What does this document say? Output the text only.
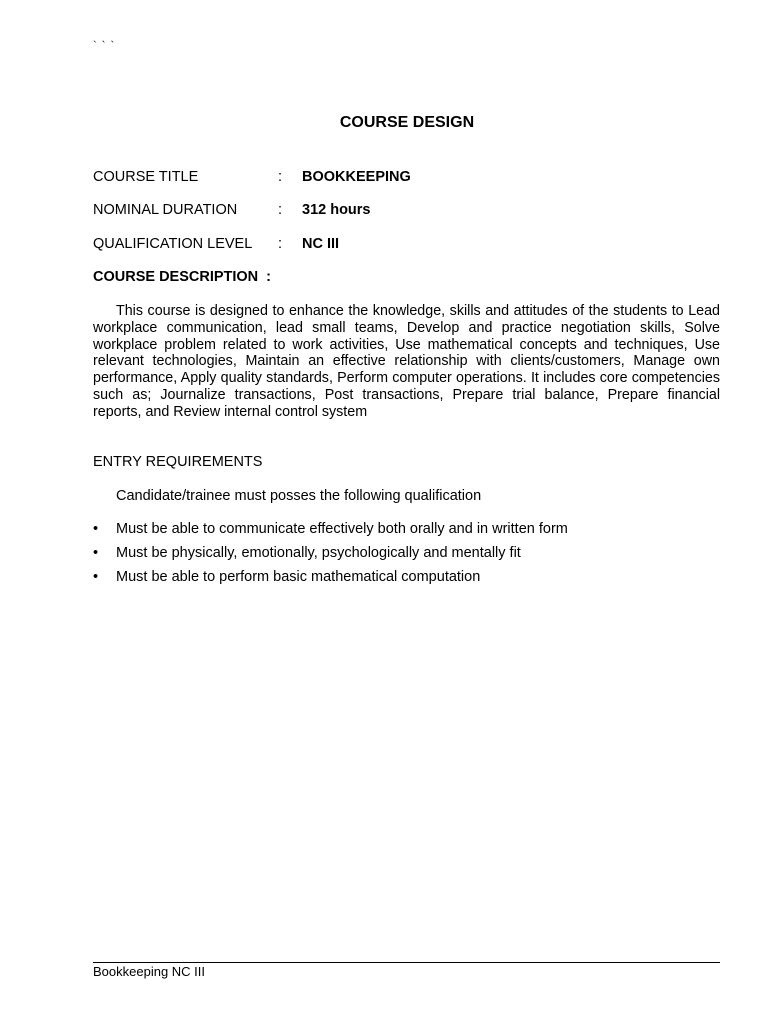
` ` `
COURSE DESIGN
COURSE TITLE	: BOOKKEEPING
NOMINAL DURATION	: 312 hours
QUALIFICATION LEVEL : NC III
COURSE DESCRIPTION :

This course is designed to enhance the knowledge, skills and attitudes of the students to Lead workplace communication, lead small teams, Develop and practice negotiation skills, Solve workplace problem related to work activities, Use mathematical concepts and techniques, Use relevant technologies, Maintain an effective relationship with clients/customers, Manage own performance, Apply quality standards, Perform computer operations. It includes core competencies such as; Journalize transactions, Post transactions, Prepare trial balance, Prepare financial reports, and Review internal control system

ENTRY REQUIREMENTS
Candidate/trainee must posses the following qualification
•	Must be able to communicate effectively both orally and in written form
•	Must be physically, emotionally, psychologically and mentally fit
•	Must be able to perform basic mathematical computation
Bookkeeping NC III
